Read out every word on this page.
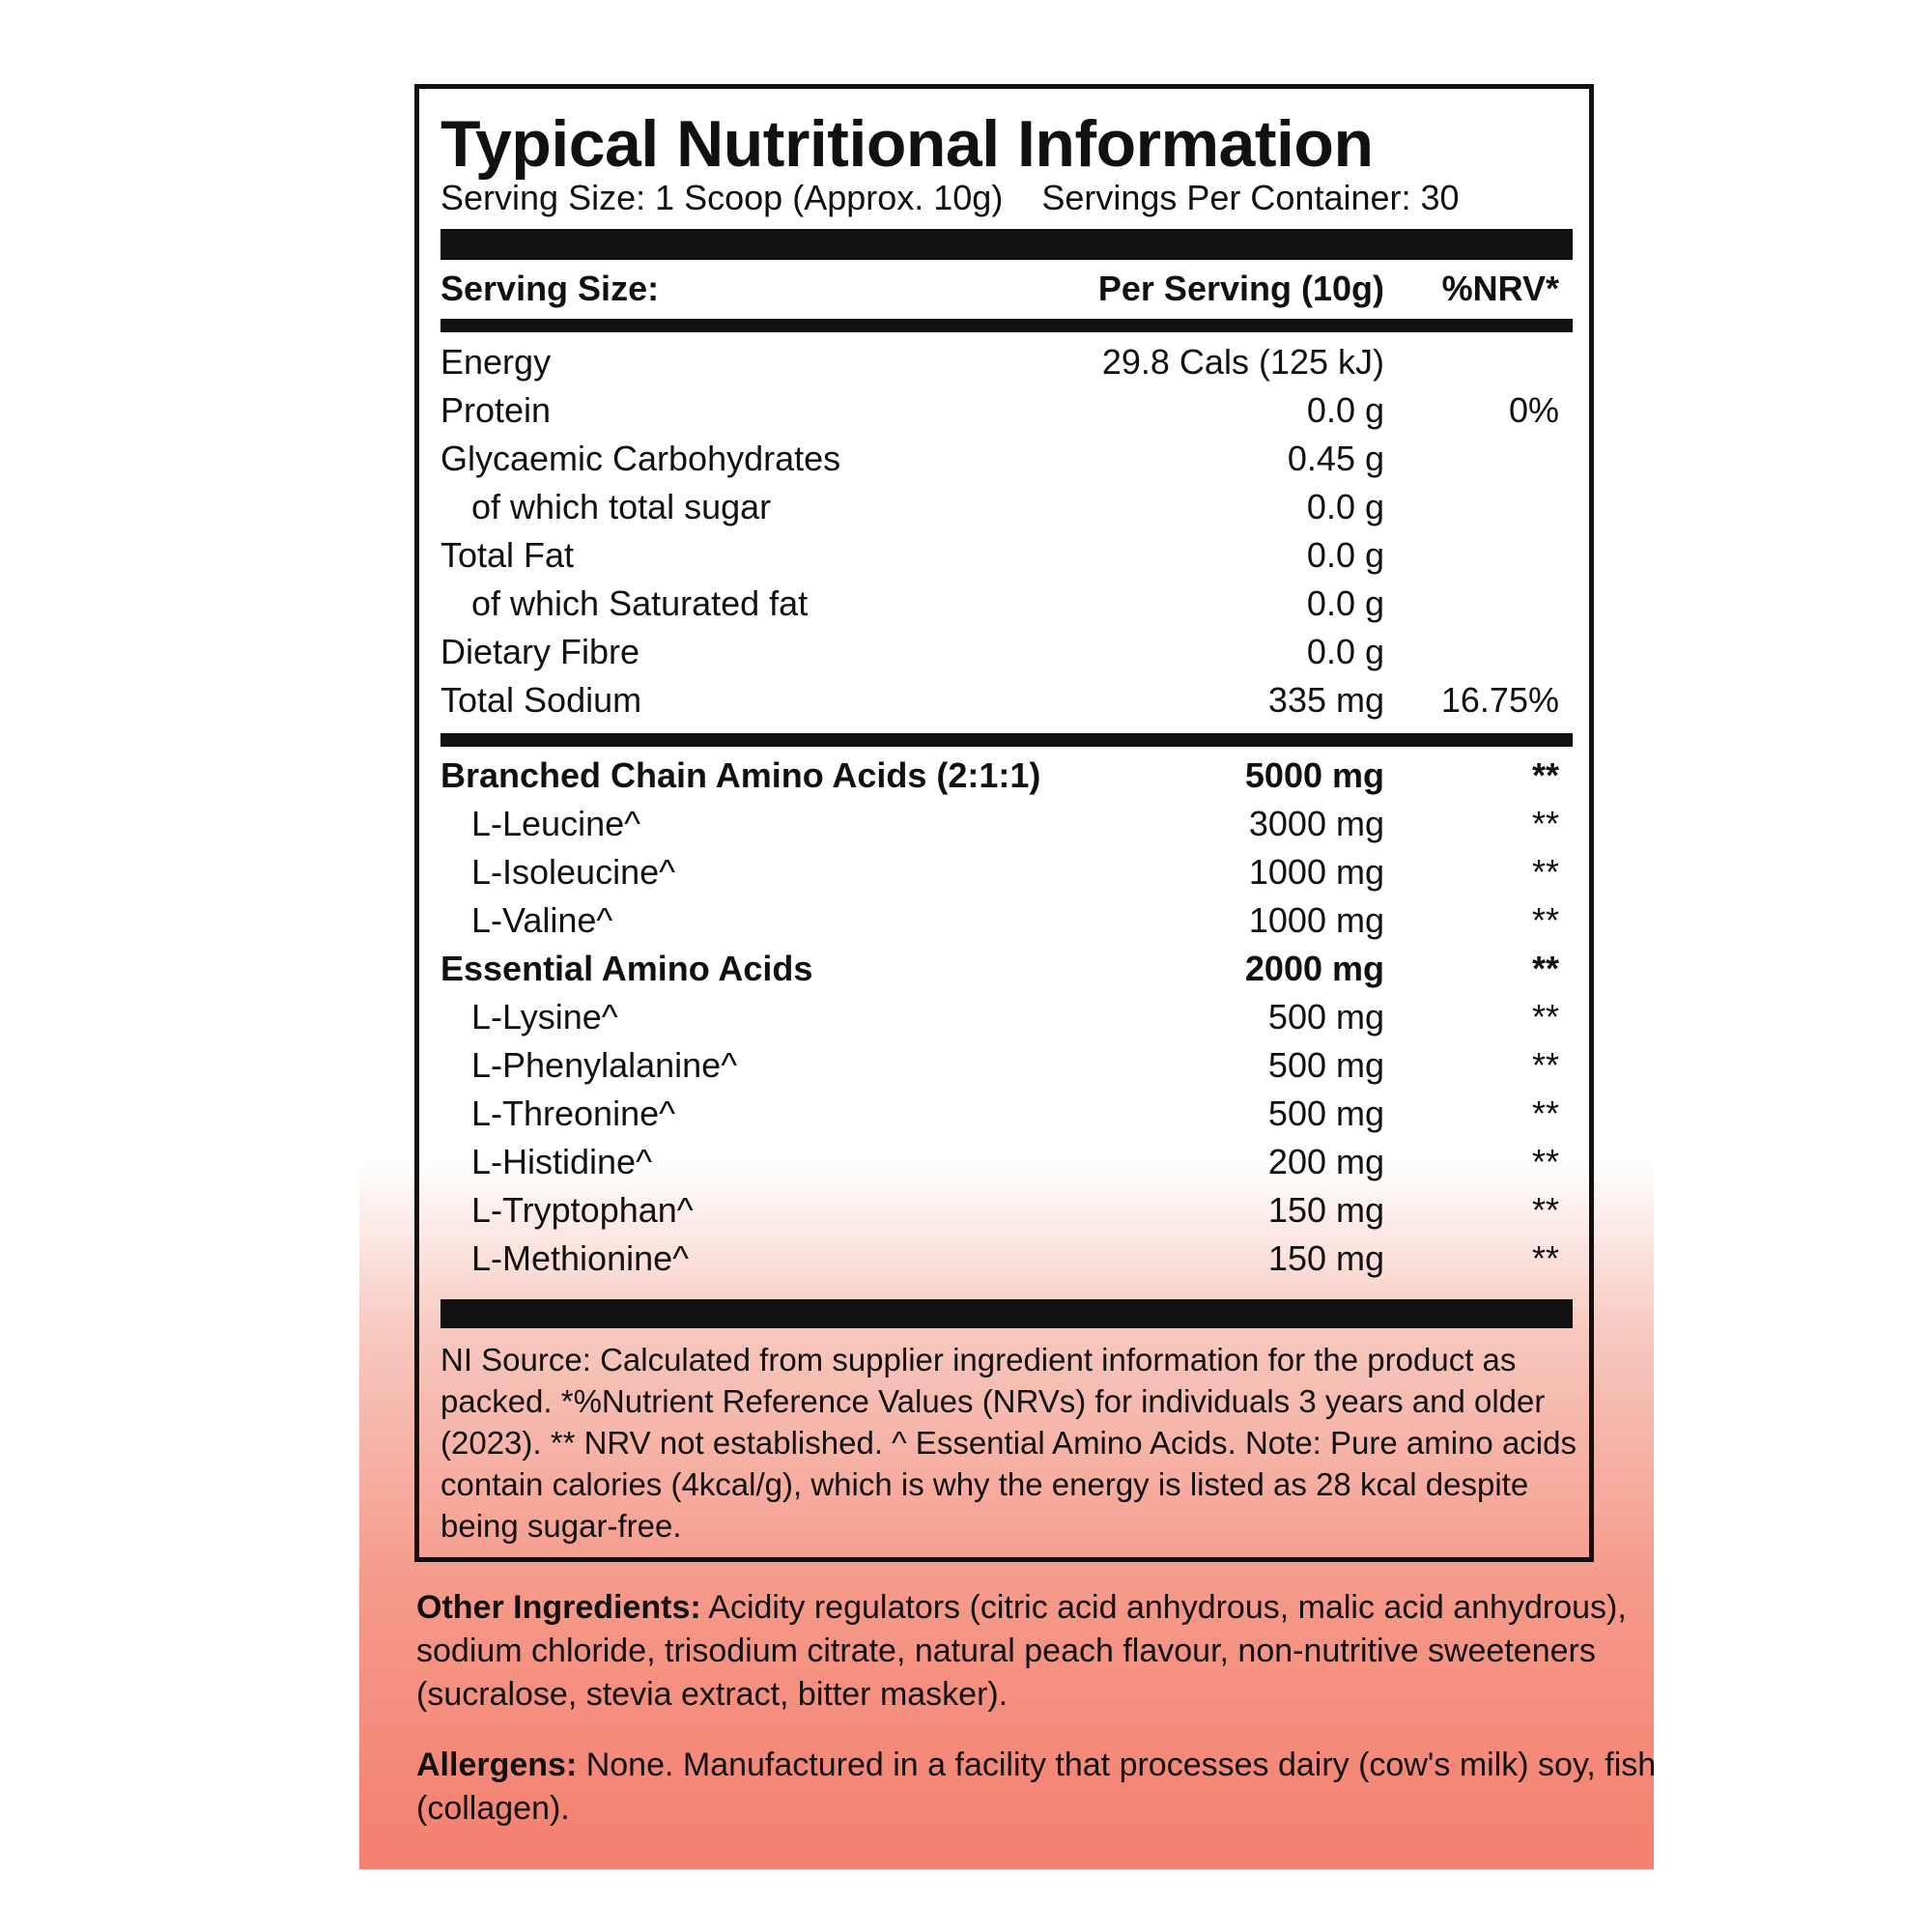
Typical Nutritional Information
Serving Size: 1 Scoop (Approx. 10g) Servings Per Container: 30
Serving Size:	Per Serving (10g) %NRV*
Energy	29.8 Cals (125 kJ)
Protein	0.0 g	0%
Glycaemic Carbohydrates	0.45 g
of which total sugar	0.0 g
Total Fat	0.0 g
of which Saturated fat	0.0 g
Dietary Fibre	0.0 g
Total Sodium	335 mg 16.75%
Branched Chain Amino Acids (2:1:1)	5000 mg	**
L-Leucine^	3000 mg	**
L-Isoleucine^	1000 mg	**
L-Valine^	1000 mg	**
Essential Amino Acids	2000 mg	**
L-Lysine^	500 mg	**
L-Phenylalanine^	500 mg	**
L-Threonine^	500 mg	**
L-Histidine^	200 mg	**
L-Tryptophan^	150 mg	**
L-Methionine^	150 mg	**
NI Source: Calculated from supplier ingredient information for the product as packed. *%Nutrient Reference Values (NRVs) for individuals 3 years and older (2023). ** NRV not established. ^ Essential Amino Acids. Note: Pure amino acids contain calories (4kcal/g), which is why the energy is listed as 28 kcal despite being sugar-free.
Other Ingredients: Acidity regulators (citric acid anhydrous, malic acid anhydrous), sodium chloride, trisodium citrate, natural peach flavour, non-nutritive sweeteners (sucralose, stevia extract, bitter masker).
Allergens: None. Manufactured in a facility that processes dairy (cow's milk) soy, fish (collagen).
